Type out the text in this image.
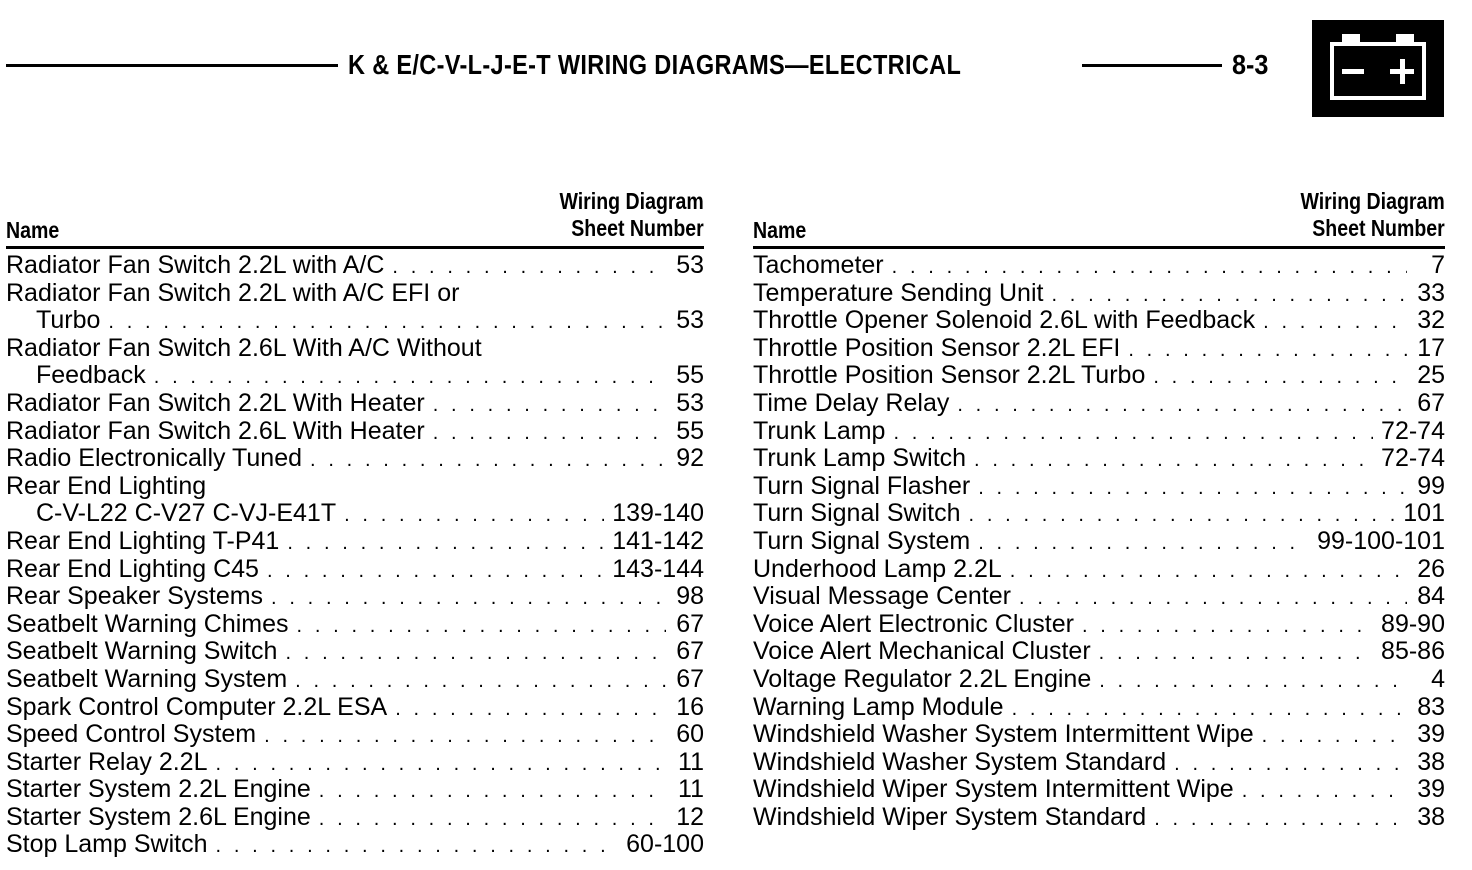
K & E/C-V-L-J-E-T WIRING DIAGRAMS—ELECTRICAL	8-3
Name
Wiring Diagram
Sheet Number
Radiator Fan Switch 2.2L with A/C . . .	53
Radiator Fan Switch 2.2L with A/C EFI or
Turbo . . .	53
Radiator Fan Switch 2.6L With A/C Without
Feedback . . .	55
Radiator Fan Switch 2.2L With Heater . . .	53
Radiator Fan Switch 2.6L With Heater . . .	55
Radio Electronically Tuned . . .	92
Rear End Lighting
C-V-L22 C-V27 C-VJ-E41T . . .	139-140
Rear End Lighting T-P41 . . .	141-142
Rear End Lighting C45 . . .	143-144
Rear Speaker Systems . . .	98
Seatbelt Warning Chimes . . .	67
Seatbelt Warning Switch . . .	67
Seatbelt Warning System . . .	67
Spark Control Computer 2.2L ESA . . .	16
Speed Control System . . .	60
Starter Relay 2.2L . . .	11
Starter System 2.2L Engine . . .	11
Starter System 2.6L Engine . . .	12
Stop Lamp Switch . . .	60-100
Name
Wiring Diagram
Sheet Number
Tachometer . . .	7
Temperature Sending Unit . . .	33
Throttle Opener Solenoid 2.6L with Feedback . . .	32
Throttle Position Sensor 2.2L EFI . . .	17
Throttle Position Sensor 2.2L Turbo . . .	25
Time Delay Relay . . .	67
Trunk Lamp . . .	72-74
Trunk Lamp Switch . . .	72-74
Turn Signal Flasher . . .	99
Turn Signal Switch . . .	101
Turn Signal System . . .	99-100-101
Underhood Lamp 2.2L . . .	26
Visual Message Center . . .	84
Voice Alert Electronic Cluster . . .	89-90
Voice Alert Mechanical Cluster . . .	85-86
Voltage Regulator 2.2L Engine . . .	4
Warning Lamp Module . . .	83
Windshield Washer System Intermittent Wipe . . .	39
Windshield Washer System Standard . . .	38
Windshield Wiper System Intermittent Wipe . . .	39
Windshield Wiper System Standard . . .	38
